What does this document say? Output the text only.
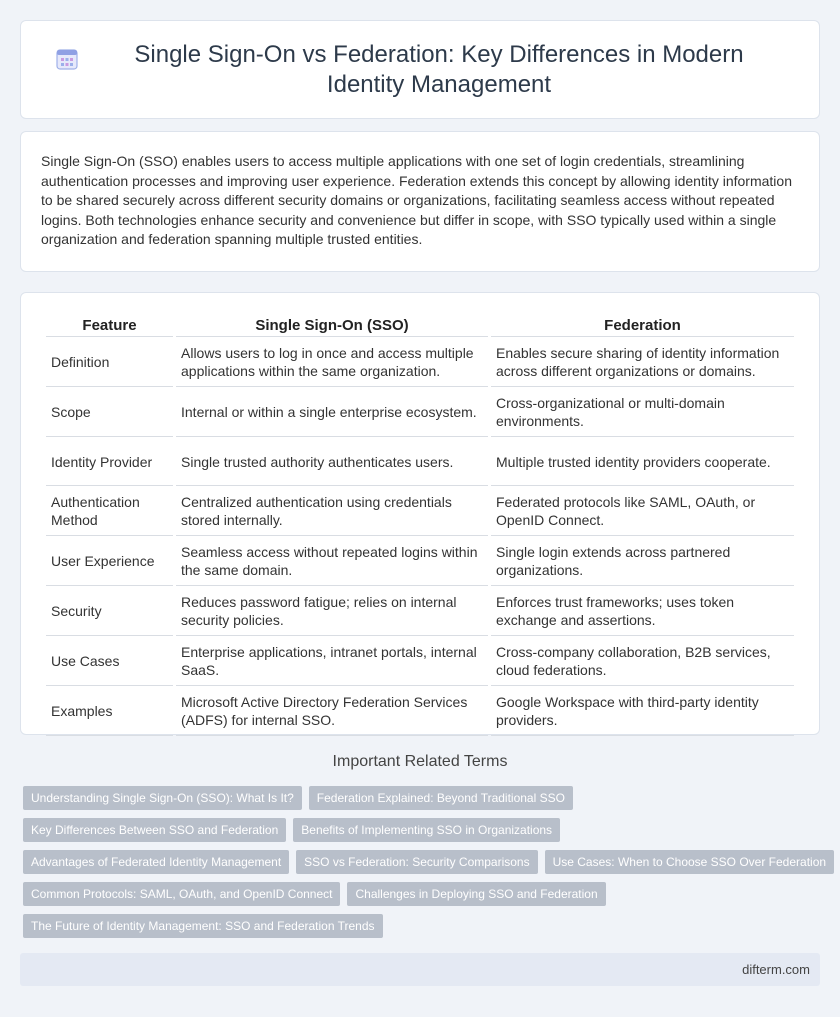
Single Sign-On vs Federation: Key Differences in Modern Identity Management

Single Sign-On (SSO) enables users to access multiple applications with one set of login credentials, streamlining authentication processes and improving user experience. Federation extends this concept by allowing identity information to be shared securely across different security domains or organizations, facilitating seamless access without repeated logins. Both technologies enhance security and convenience but differ in scope, with SSO typically used within a single organization and federation spanning multiple trusted entities.

Feature	Single Sign-On (SSO)	Federation
Definition	Allows users to log in once and access multiple applications within the same organization.	Enables secure sharing of identity information across different organizations or domains.
Scope	Internal or within a single enterprise ecosystem.	Cross-organizational or multi-domain environments.
Identity Provider	Single trusted authority authenticates users.	Multiple trusted identity providers cooperate.
Authentication Method	Centralized authentication using credentials stored internally.	Federated protocols like SAML, OAuth, or OpenID Connect.
User Experience	Seamless access without repeated logins within the same domain.	Single login extends across partnered organizations.
Security	Reduces password fatigue; relies on internal security policies.	Enforces trust frameworks; uses token exchange and assertions.
Use Cases	Enterprise applications, intranet portals, internal SaaS.	Cross-company collaboration, B2B services, cloud federations.
Examples	Microsoft Active Directory Federation Services (ADFS) for internal SSO.	Google Workspace with third-party identity providers.
Important Related Terms
Understanding Single Sign-On (SSO): What Is It?	Federation Explained: Beyond Traditional SSO
Key Differences Between SSO and Federation	Benefits of Implementing SSO in Organizations
Advantages of Federated Identity Management	SSO vs Federation: Security Comparisons	Use Cases: When to Choose SSO Over Federation
Common Protocols: SAML, OAuth, and OpenID Connect	Challenges in Deploying SSO and Federation
The Future of Identity Management: SSO and Federation Trends
difterm.com
